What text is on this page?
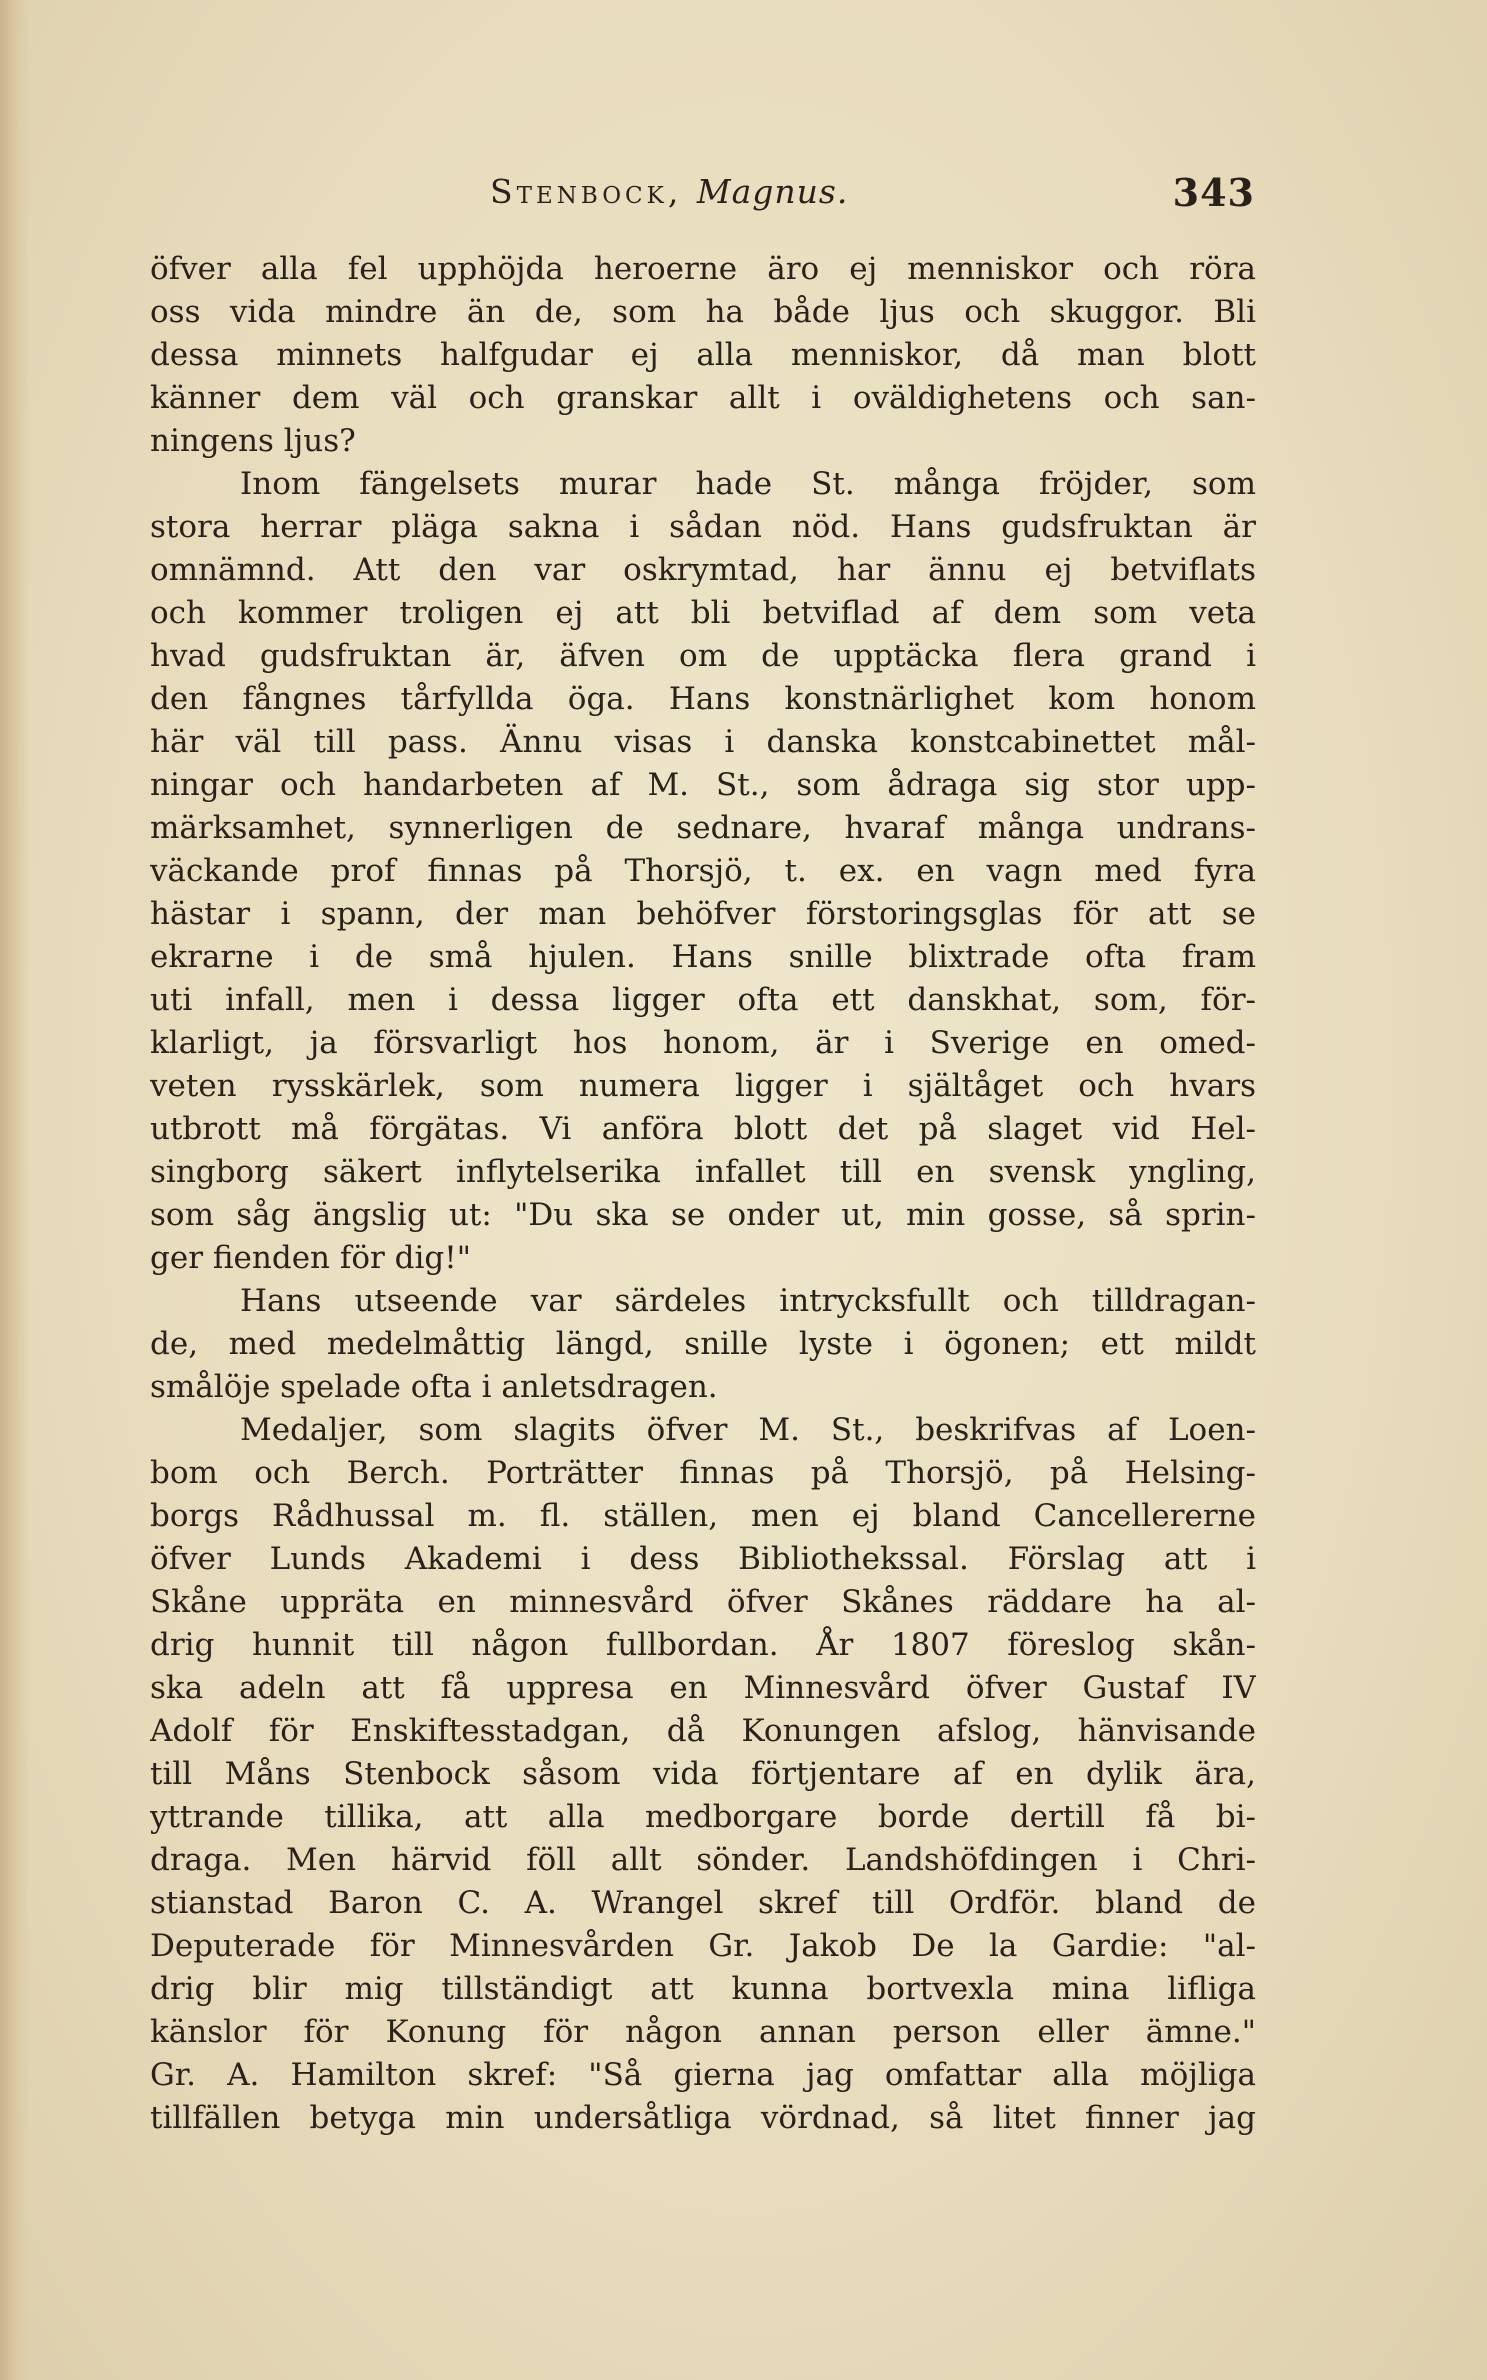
Stenbock, Magnus.	343
öfver alla fel upphöjda heroerne äro ej menniskor och röra
oss vida mindre än de, som ha både ljus och skuggor. Bli
dessa minnets halfgudar ej alla menniskor, då man blott
känner dem väl och granskar allt i oväldighetens och san-
ningens ljus?
Inom fängelsets murar hade St. många fröjder, som
stora herrar pläga sakna i sådan nöd. Hans gudsfruktan är
omnämnd. Att den var oskrymtad, har ännu ej betviflats
och kommer troligen ej att bli betviflad af dem som veta
hvad gudsfruktan är, äfven om de upptäcka flera grand i
den fångnes tårfyllda öga. Hans konstnärlighet kom honom
här väl till pass. Ännu visas i danska konstcabinettet mål-
ningar och handarbeten af M. St., som ådraga sig stor upp-
märksamhet, synnerligen de sednare, hvaraf många undrans-
väckande prof finnas på Thorsjö, t. ex. en vagn med fyra
hästar i spann, der man behöfver förstoringsglas för att se
ekrarne i de små hjulen. Hans snille blixtrade ofta fram
uti infall, men i dessa ligger ofta ett danskhat, som, för-
klarligt, ja försvarligt hos honom, är i Sverige en omed-
veten rysskärlek, som numera ligger i själtåget och hvars
utbrott må förgätas. Vi anföra blott det på slaget vid Hel-
singborg säkert inflytelserika infallet till en svensk yngling,
som såg ängslig ut: "Du ska se onder ut, min gosse, så sprin-
ger fienden för dig!"
Hans utseende var särdeles intrycksfullt och tilldragan-
de, med medelmåttig längd, snille lyste i ögonen; ett mildt
smålöje spelade ofta i anletsdragen.
Medaljer, som slagits öfver M. St., beskrifvas af Loen-
bom och Berch. Porträtter finnas på Thorsjö, på Helsing-
borgs Rådhussal m. fl. ställen, men ej bland Cancellererne
öfver Lunds Akademi i dess Bibliothekssal. Förslag att i
Skåne uppräta en minnesvård öfver Skånes räddare ha al-
drig hunnit till någon fullbordan. År 1807 föreslog skån-
ska adeln att få uppresa en Minnesvård öfver Gustaf IV
Adolf för Enskiftesstadgan, då Konungen afslog, hänvisande
till Måns Stenbock såsom vida förtjentare af en dylik ära,
yttrande tillika, att alla medborgare borde dertill få bi-
draga. Men härvid föll allt sönder. Landshöfdingen i Chri-
stianstad Baron C. A. Wrangel skref till Ordför. bland de
Deputerade för Minnesvården Gr. Jakob De la Gardie: "al-
drig blir mig tillständigt att kunna bortvexla mina lifliga
känslor för Konung för någon annan person eller ämne."
Gr. A. Hamilton skref: "Så gierna jag omfattar alla möjliga
tillfällen betyga min undersåtliga vördnad, så litet finner jag
